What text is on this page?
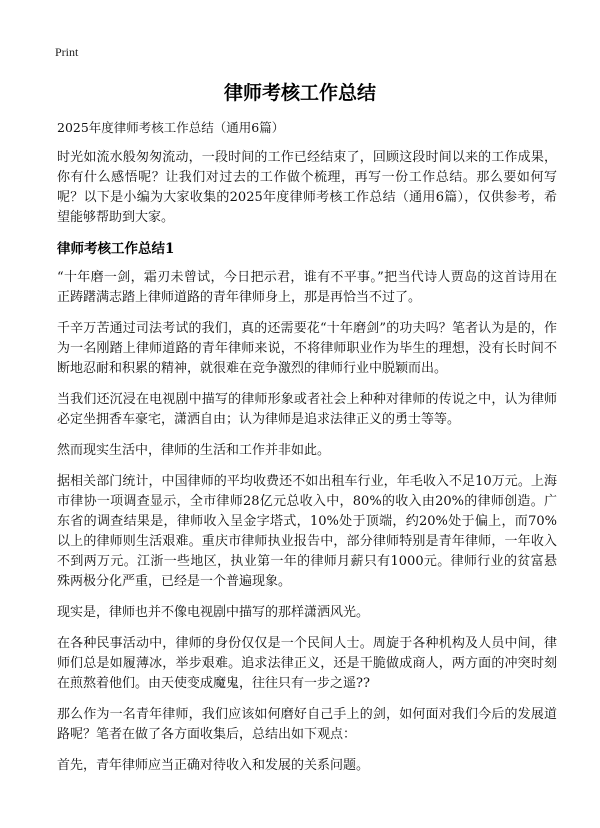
Print
律师考核工作总结

2025年度律师考核工作总结（通用6篇）

时光如流水般匆匆流动，一段时间的工作已经结束了，回顾这段时间以来的工作成果，你有什么感悟呢？让我们对过去的工作做个梳理，再写一份工作总结。那么要如何写呢？以下是小编为大家收集的2025年度律师考核工作总结（通用6篇），仅供参考，希望能够帮助到大家。

律师考核工作总结1

“十年磨一剑，霜刃未曾试，今日把示君，谁有不平事。”把当代诗人贾岛的这首诗用在正踌躇满志踏上律师道路的青年律师身上，那是再恰当不过了。

千辛万苦通过司法考试的我们，真的还需要花“十年磨剑”的功夫吗？笔者认为是的，作为一名刚踏上律师道路的青年律师来说，不将律师职业作为毕生的理想，没有长时间不断地忍耐和积累的精神，就很难在竞争激烈的律师行业中脱颖而出。

当我们还沉浸在电视剧中描写的律师形象或者社会上种种对律师的传说之中，认为律师必定坐拥香车豪宅，潇洒自由；认为律师是追求法律正义的勇士等等。

然而现实生活中，律师的生活和工作并非如此。

据相关部门统计，中国律师的平均收费还不如出租车行业，年毛收入不足10万元。上海市律协一项调查显示，全市律师28亿元总收入中，80%的收入由20%的律师创造。广东省的调查结果是，律师收入呈金字塔式，10%处于顶端，约20%处于偏上，而70%以上的律师则生活艰难。重庆市律师执业报告中，部分律师特别是青年律师，一年收入不到两万元。江浙一些地区，执业第一年的律师月薪只有1000元。律师行业的贫富悬殊两极分化严重，已经是一个普遍现象。

现实是，律师也并不像电视剧中描写的那样潇洒风光。

在各种民事活动中，律师的身份仅仅是一个民间人士。周旋于各种机构及人员中间，律师们总是如履薄冰，举步艰难。追求法律正义，还是干脆做成商人，两方面的冲突时刻在煎熬着他们。由天使变成魔鬼，往往只有一步之遥??

那么作为一名青年律师，我们应该如何磨好自己手上的剑，如何面对我们今后的发展道路呢？笔者在做了各方面收集后，总结出如下观点：

首先，青年律师应当正确对待收入和发展的关系问题。
